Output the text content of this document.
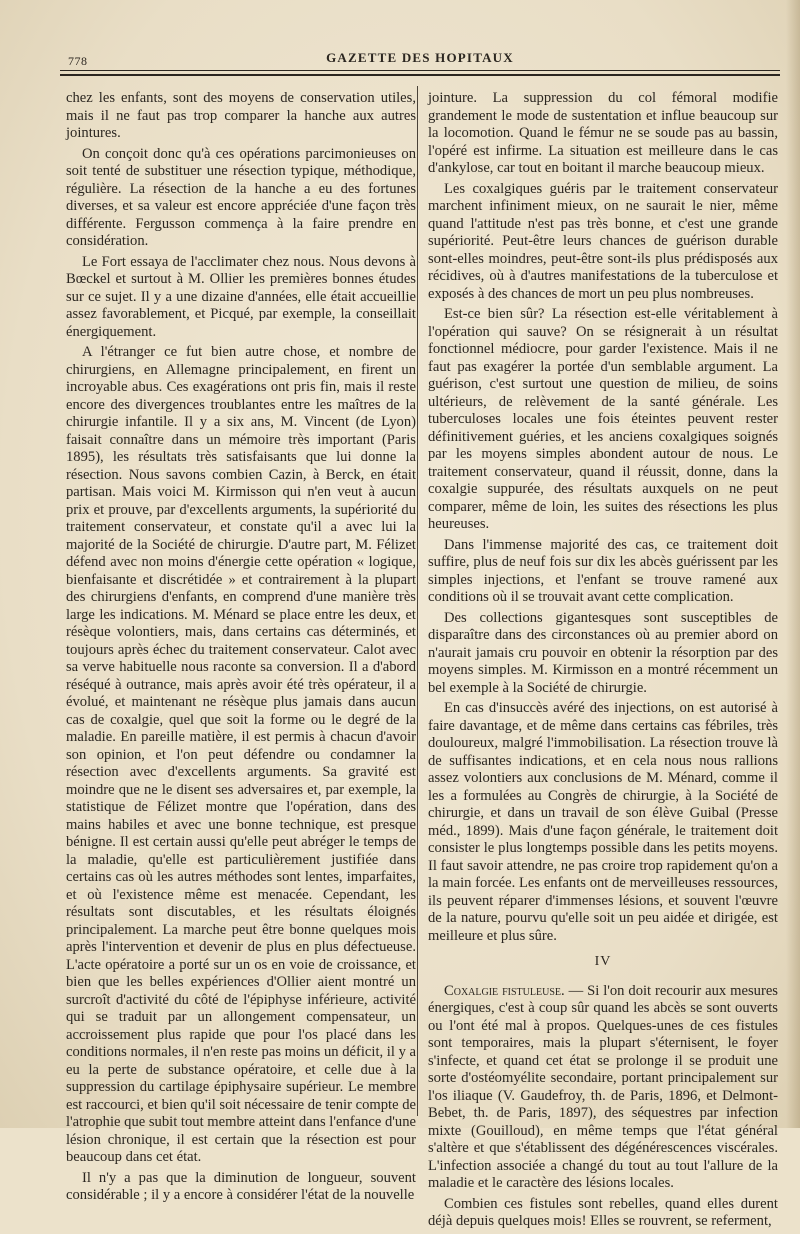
778	GAZETTE DES HOPITAUX

chez les enfants, sont des moyens de conservation utiles, mais il ne faut pas trop comparer la hanche aux autres jointures.

On conçoit donc qu'à ces opérations parcimonieuses on soit tenté de substituer une résection typique, méthodique, régulière. La résection de la hanche a eu des fortunes diverses, et sa valeur est encore appréciée d'une façon très différente. Fergusson commença à la faire prendre en considération.

Le Fort essaya de l'acclimater chez nous. Nous devons à Bœckel et surtout à M. Ollier les premières bonnes études sur ce sujet. Il y a une dizaine d'années, elle était accueillie assez favorablement, et Picqué, par exemple, la conseillait énergiquement.

A l'étranger ce fut bien autre chose, et nombre de chirurgiens, en Allemagne principalement, en firent un incroyable abus. Ces exagérations ont pris fin, mais il reste encore des divergences troublantes entre les maîtres de la chirurgie infantile. Il y a six ans, M. Vincent (de Lyon) faisait connaître dans un mémoire très important (Paris 1895), les résultats très satisfaisants que lui donne la résection. Nous savons combien Cazin, à Berck, en était partisan. Mais voici M. Kirmisson qui n'en veut à aucun prix et prouve, par d'excellents arguments, la supériorité du traitement conservateur, et constate qu'il a avec lui la majorité de la Société de chirurgie. D'autre part, M. Félizet défend avec non moins d'énergie cette opération « logique, bienfaisante et discrétidée » et contrairement à la plupart des chirurgiens d'enfants, en comprend d'une manière très large les indications. M. Ménard se place entre les deux, et résèque volontiers, mais, dans certains cas déterminés, et toujours après échec du traitement conservateur. Calot avec sa verve habituelle nous raconte sa conversion. Il a d'abord réséqué à outrance, mais après avoir été très opérateur, il a évolué, et maintenant ne résèque plus jamais dans aucun cas de coxalgie, quel que soit la forme ou le degré de la maladie. En pareille matière, il est permis à chacun d'avoir son opinion, et l'on peut défendre ou condamner la résection avec d'excellents arguments. Sa gravité est moindre que ne le disent ses adversaires et, par exemple, la statistique de Félizet montre que l'opération, dans des mains habiles et avec une bonne technique, est presque bénigne. Il est certain aussi qu'elle peut abréger le temps de la maladie, qu'elle est particulièrement justifiée dans certains cas où les autres méthodes sont lentes, imparfaites, et où l'existence même est menacée. Cependant, les résultats sont discutables, et les résultats éloignés principalement. La marche peut être bonne quelques mois après l'intervention et devenir de plus en plus défectueuse. L'acte opératoire a porté sur un os en voie de croissance, et bien que les belles expériences d'Ollier aient montré un surcroît d'activité du côté de l'épiphyse inférieure, activité qui se traduit par un allongement compensateur, un accroissement plus rapide que pour l'os placé dans les conditions normales, il n'en reste pas moins un déficit, il y a eu la perte de substance opératoire, et celle due à la suppression du cartilage épiphysaire supérieur. Le membre est raccourci, et bien qu'il soit nécessaire de tenir compte de l'atrophie que subit tout membre atteint dans l'enfance d'une lésion chronique, il est certain que la résection est pour beaucoup dans cet état.

Il n'y a pas que la diminution de longueur, souvent considérable ; il y a encore à considérer l'état de la nouvelle

jointure. La suppression du col fémoral modifie grandement le mode de sustentation et influe beaucoup sur la locomotion. Quand le fémur ne se soude pas au bassin, l'opéré est infirme. La situation est meilleure dans le cas d'ankylose, car tout en boitant il marche beaucoup mieux.

Les coxalgiques guéris par le traitement conservateur marchent infiniment mieux, on ne saurait le nier, même quand l'attitude n'est pas très bonne, et c'est une grande supériorité. Peut-être leurs chances de guérison durable sont-elles moindres, peut-être sont-ils plus prédisposés aux récidives, où à d'autres manifestations de la tuberculose et exposés à des chances de mort un peu plus nombreuses.

Est-ce bien sûr? La résection est-elle véritablement à l'opération qui sauve? On se résignerait à un résultat fonctionnel médiocre, pour garder l'existence. Mais il ne faut pas exagérer la portée d'un semblable argument. La guérison, c'est surtout une question de milieu, de soins ultérieurs, de relèvement de la santé générale. Les tuberculoses locales une fois éteintes peuvent rester définitivement guéries, et les anciens coxalgiques soignés par les moyens simples abondent autour de nous. Le traitement conservateur, quand il réussit, donne, dans la coxalgie suppurée, des résultats auxquels on ne peut comparer, même de loin, les suites des résections les plus heureuses.

Dans l'immense majorité des cas, ce traitement doit suffire, plus de neuf fois sur dix les abcès guérissent par les simples injections, et l'enfant se trouve ramené aux conditions où il se trouvait avant cette complication.

Des collections gigantesques sont susceptibles de disparaître dans des circonstances où au premier abord on n'aurait jamais cru pouvoir en obtenir la résorption par des moyens simples. M. Kirmisson en a montré récemment un bel exemple à la Société de chirurgie.

En cas d'insuccès avéré des injections, on est autorisé à faire davantage, et de même dans certains cas fébriles, très douloureux, malgré l'immobilisation. La résection trouve là de suffisantes indications, et en cela nous nous rallions assez volontiers aux conclusions de M. Ménard, comme il les a formulées au Congrès de chirurgie, à la Société de chirurgie, et dans un travail de son élève Guibal (Presse méd., 1899). Mais d'une façon générale, le traitement doit consister le plus longtemps possible dans les petits moyens. Il faut savoir attendre, ne pas croire trop rapidement qu'on a la main forcée. Les enfants ont de merveilleuses ressources, ils peuvent réparer d'immenses lésions, et souvent l'œuvre de la nature, pourvu qu'elle soit un peu aidée et dirigée, est meilleure et plus sûre.

IV

Coxalgie fistuleuse. — Si l'on doit recourir aux mesures énergiques, c'est à coup sûr quand les abcès se sont ouverts ou l'ont été mal à propos. Quelques-unes de ces fistules sont temporaires, mais la plupart s'éternisent, le foyer s'infecte, et quand cet état se prolonge il se produit une sorte d'ostéomyélite secondaire, portant principalement sur l'os iliaque (V. Gaudefroy, th. de Paris, 1896, et Delmont-Bebet, th. de Paris, 1897), des séquestres par infection mixte (Gouilloud), en même temps que l'état général s'altère et que s'établissent des dégénérescences viscérales. L'infection associée a changé du tout au tout l'allure de la maladie et le caractère des lésions locales.

Combien ces fistules sont rebelles, quand elles durent déjà depuis quelques mois! Elles se rouvrent, se referment,
